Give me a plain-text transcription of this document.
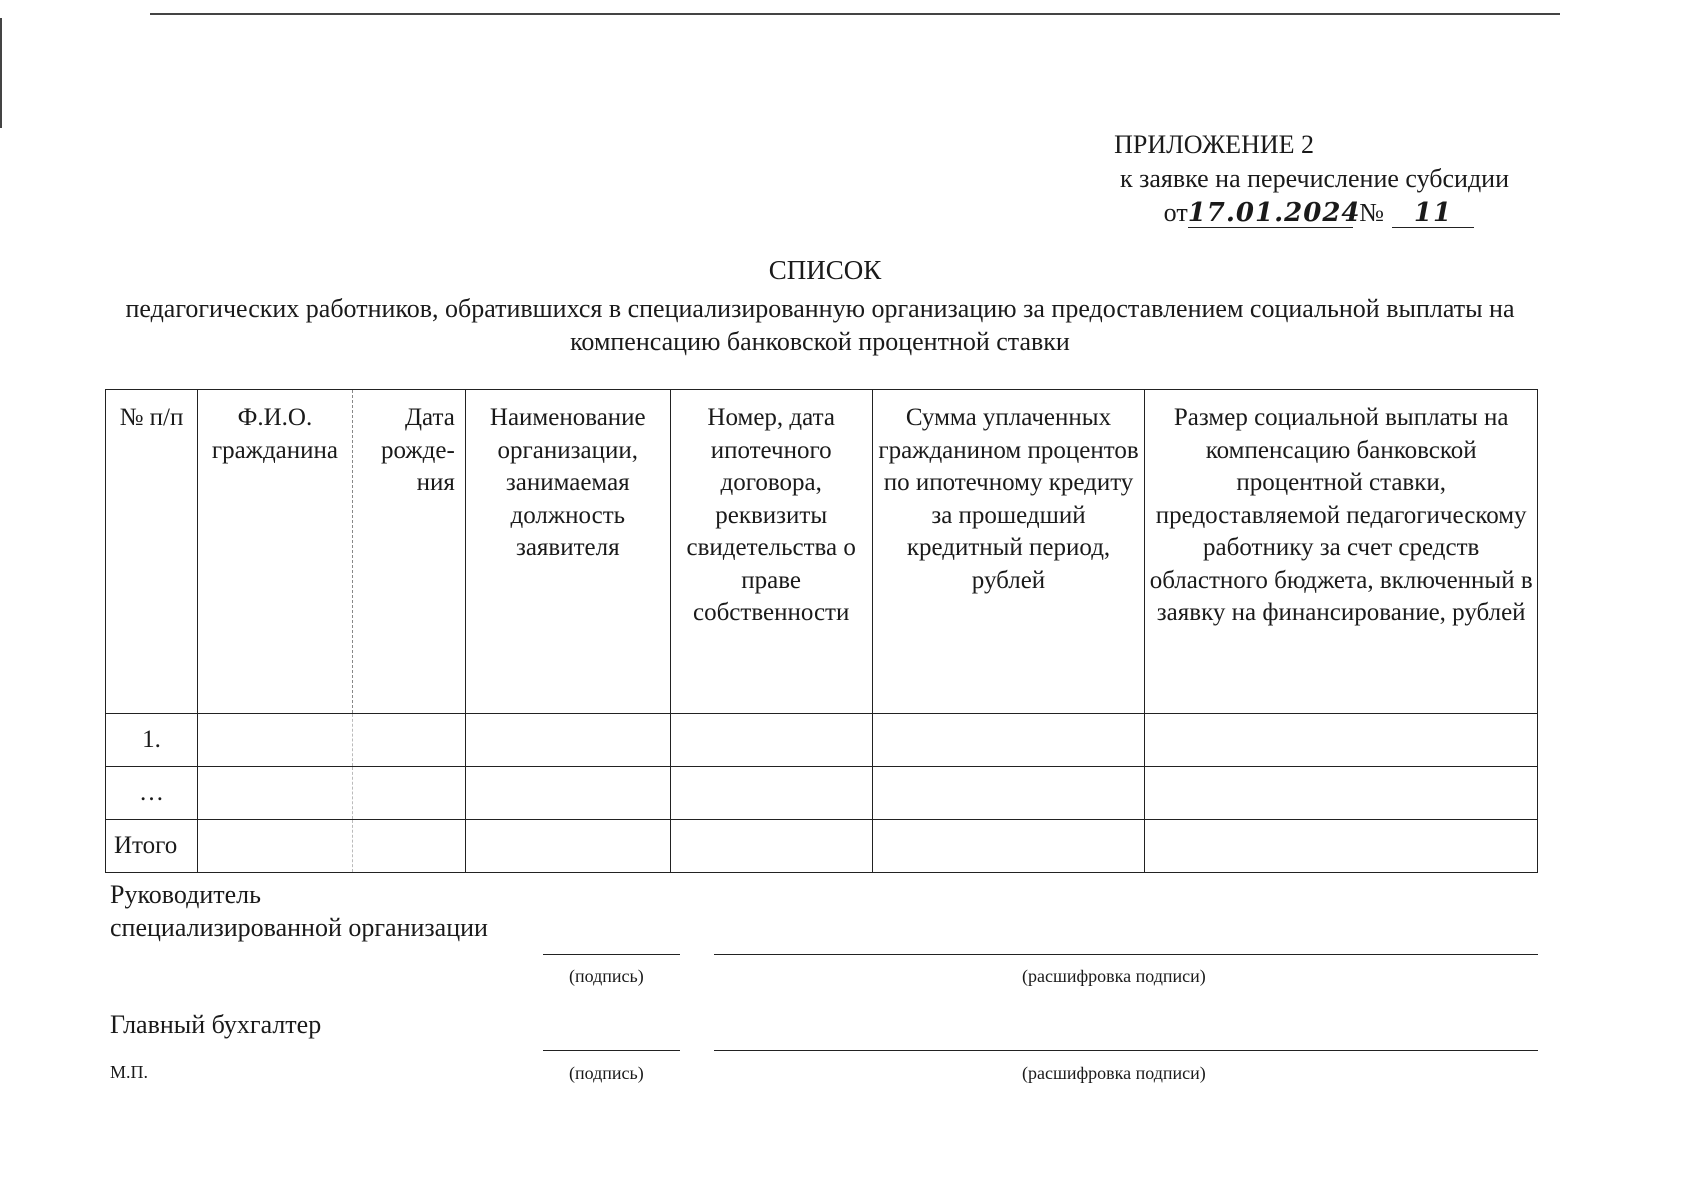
ПРИЛОЖЕНИЕ 2
к заявке на перечисление субсидии
от17.01.2024 № 11
СПИСОК
педагогических работников, обратившихся в специализированную организацию за предоставлением социальной выплаты на компенсацию банковской процентной ставки
№ п/п	Ф.И.О. гражданина	Дата рожде-ния	Наименование организации, занимаемая должность заявителя	Номер, дата ипотечного договора, реквизиты свидетельства о праве собственности	Сумма уплаченных гражданином процентов по ипотечному кредиту за прошедший кредитный период, рублей	Размер социальной выплаты на компенсацию банковской процентной ставки, предоставляемой педагогическому работнику за счет средств областного бюджета, включенный в заявку на финансирование, рублей
1.						
…						
Итого						
Руководитель
специализированной организации
(подпись)	(расшифровка подписи)
Главный бухгалтер
(подпись)	(расшифровка подписи)
М.П.
